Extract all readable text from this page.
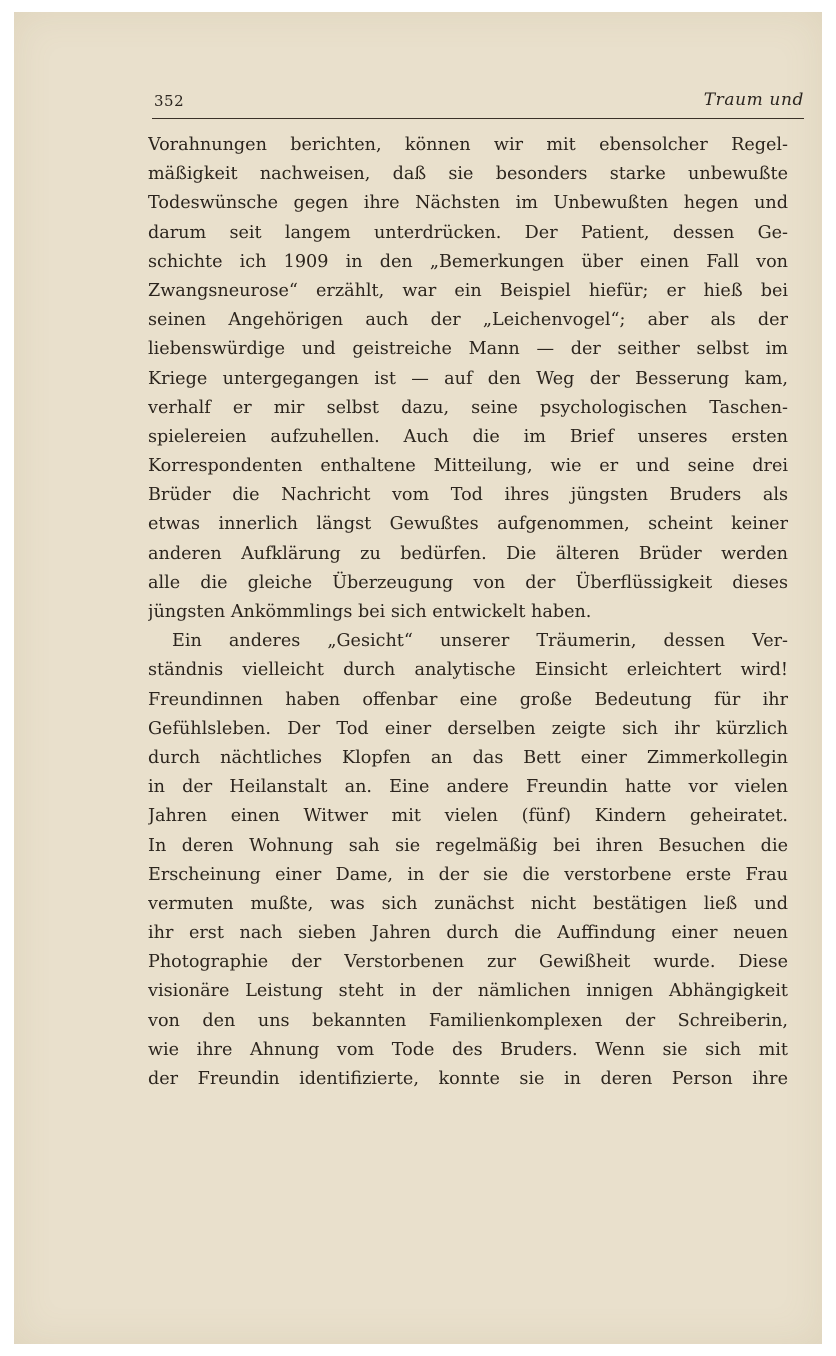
352	Traum und
Vorahnungen berichten, können wir mit ebensolcher Regel-
mäßigkeit nachweisen, daß sie besonders starke unbewußte
Todeswünsche gegen ihre Nächsten im Unbewußten hegen und
darum seit langem unterdrücken. Der Patient, dessen Ge-
schichte ich 1909 in den „Bemerkungen über einen Fall von
Zwangsneurose“ erzählt, war ein Beispiel hiefür; er hieß bei
seinen Angehörigen auch der „Leichenvogel“; aber als der
liebenswürdige und geistreiche Mann — der seither selbst im
Kriege untergegangen ist — auf den Weg der Besserung kam,
verhalf er mir selbst dazu, seine psychologischen Taschen-
spielereien aufzuhellen. Auch die im Brief unseres ersten
Korrespondenten enthaltene Mitteilung, wie er und seine drei
Brüder die Nachricht vom Tod ihres jüngsten Bruders als
etwas innerlich längst Gewußtes aufgenommen, scheint keiner
anderen Aufklärung zu bedürfen. Die älteren Brüder werden
alle die gleiche Überzeugung von der Überflüssigkeit dieses
jüngsten Ankömmlings bei sich entwickelt haben.
Ein anderes „Gesicht“ unserer Träumerin, dessen Ver-
ständnis vielleicht durch analytische Einsicht erleichtert wird!
Freundinnen haben offenbar eine große Bedeutung für ihr
Gefühlsleben. Der Tod einer derselben zeigte sich ihr kürzlich
durch nächtliches Klopfen an das Bett einer Zimmerkollegin
in der Heilanstalt an. Eine andere Freundin hatte vor vielen
Jahren einen Witwer mit vielen (fünf) Kindern geheiratet.
In deren Wohnung sah sie regelmäßig bei ihren Besuchen die
Erscheinung einer Dame, in der sie die verstorbene erste Frau
vermuten mußte, was sich zunächst nicht bestätigen ließ und
ihr erst nach sieben Jahren durch die Auffindung einer neuen
Photographie der Verstorbenen zur Gewißheit wurde. Diese
visionäre Leistung steht in der nämlichen innigen Abhängigkeit
von den uns bekannten Familienkomplexen der Schreiberin,
wie ihre Ahnung vom Tode des Bruders. Wenn sie sich mit
der Freundin identifizierte, konnte sie in deren Person ihre
